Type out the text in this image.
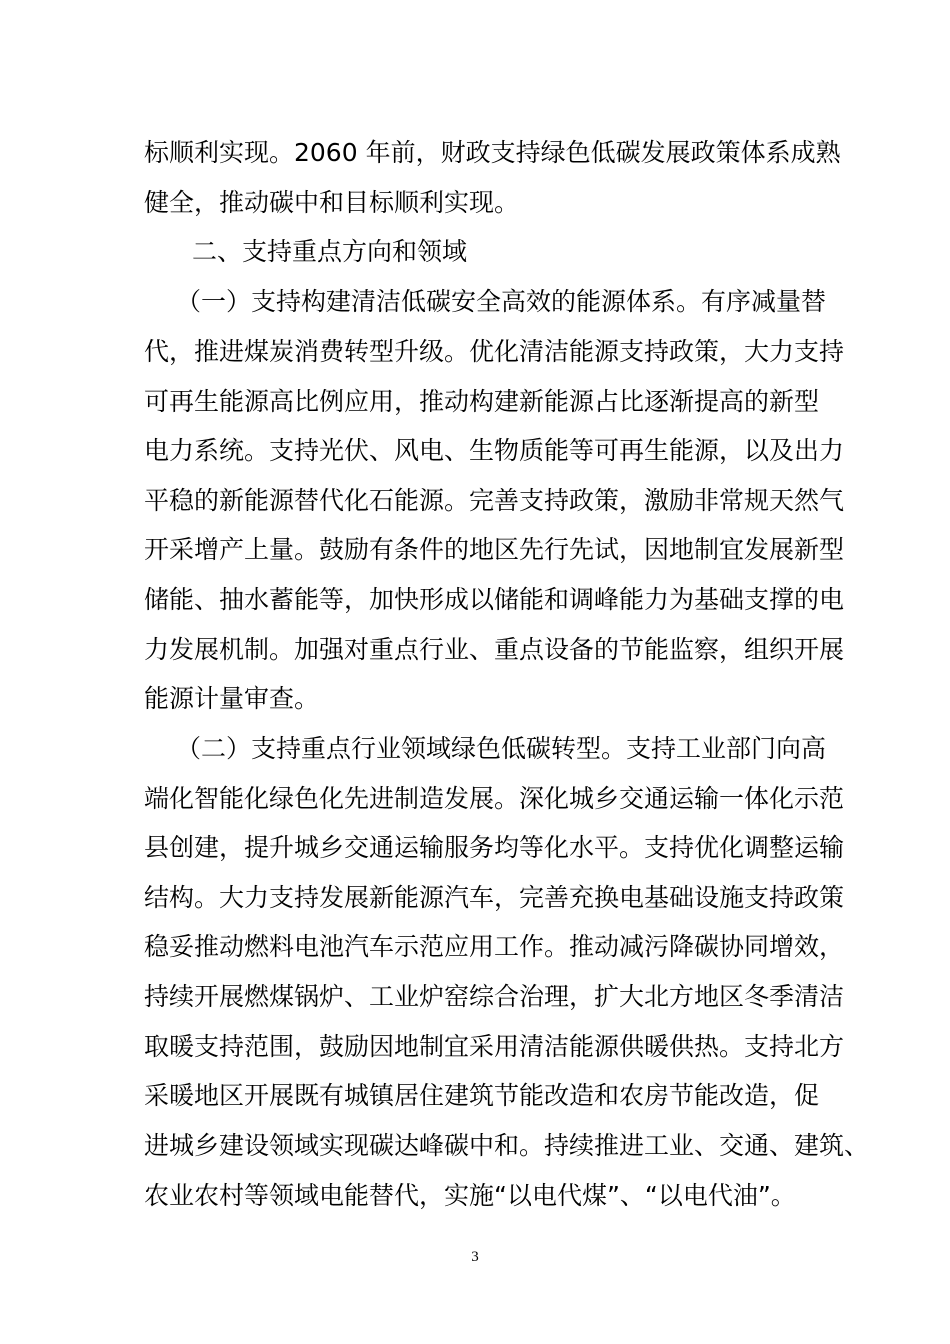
标顺利实现。2060 年前，财政支持绿色低碳发展政策体系成熟
健全，推动碳中和目标顺利实现。
二、支持重点方向和领域
（一）支持构建清洁低碳安全高效的能源体系。有序减量替
代，推进煤炭消费转型升级。优化清洁能源支持政策，大力支持
可再生能源高比例应用，推动构建新能源占比逐渐提高的新型
电力系统。支持光伏、风电、生物质能等可再生能源，以及出力
平稳的新能源替代化石能源。完善支持政策，激励非常规天然气
开采增产上量。鼓励有条件的地区先行先试，因地制宜发展新型
储能、抽水蓄能等，加快形成以储能和调峰能力为基础支撑的电
力发展机制。加强对重点行业、重点设备的节能监察，组织开展
能源计量审查。
（二）支持重点行业领域绿色低碳转型。支持工业部门向高
端化智能化绿色化先进制造发展。深化城乡交通运输一体化示范
县创建，提升城乡交通运输服务均等化水平。支持优化调整运输
结构。大力支持发展新能源汽车，完善充换电基础设施支持政策
稳妥推动燃料电池汽车示范应用工作。推动减污降碳协同增效，
持续开展燃煤锅炉、工业炉窑综合治理，扩大北方地区冬季清洁
取暖支持范围，鼓励因地制宜采用清洁能源供暖供热。支持北方
采暖地区开展既有城镇居住建筑节能改造和农房节能改造，促
进城乡建设领域实现碳达峰碳中和。持续推进工业、交通、建筑、
农业农村等领域电能替代，实施“以电代煤”、“以电代油”。
3
